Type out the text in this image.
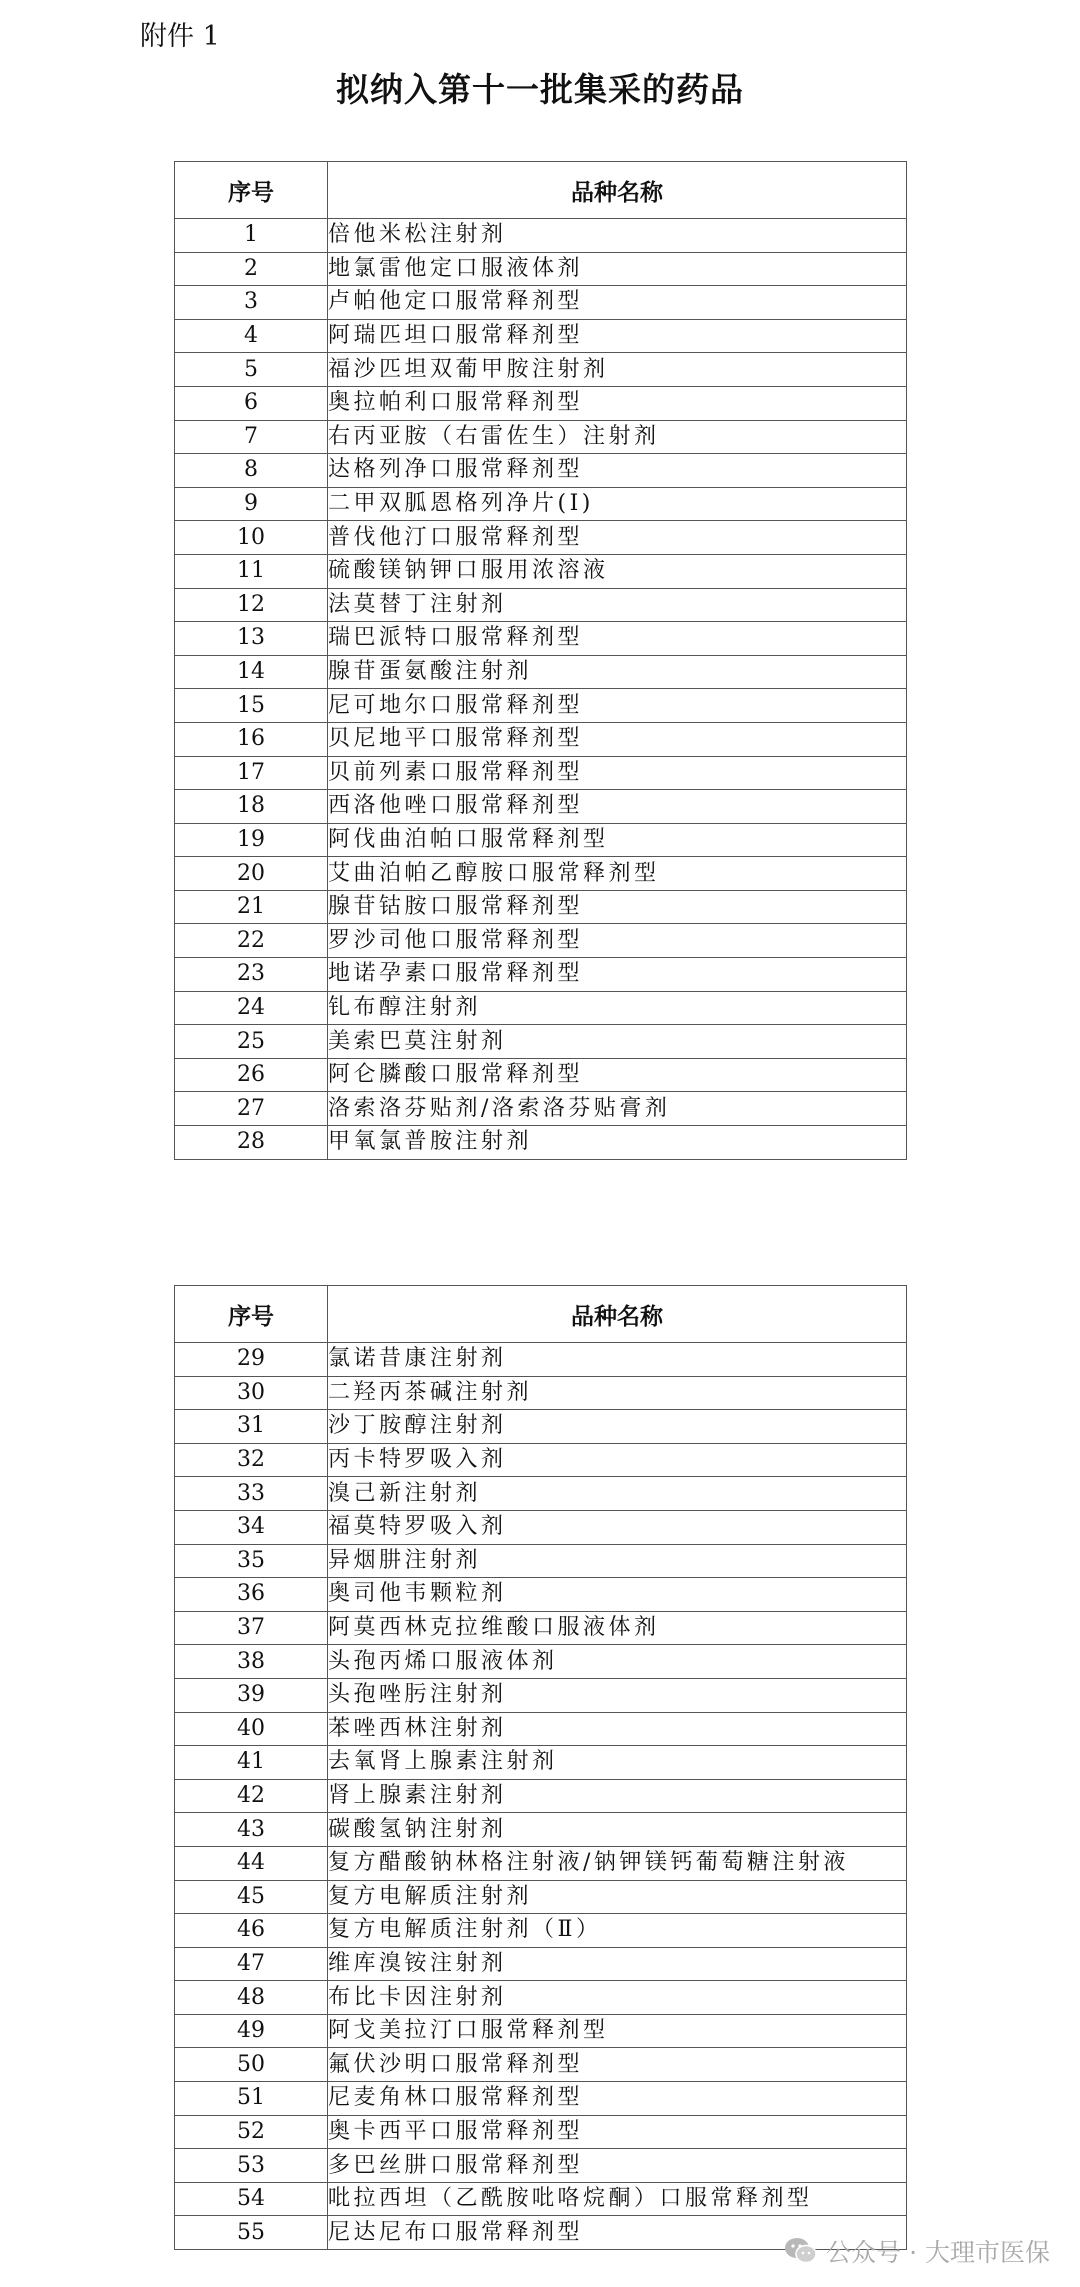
附件 1
拟纳入第十一批集采的药品
序号	品种名称
1	倍他米松注射剂
2	地氯雷他定口服液体剂
3	卢帕他定口服常释剂型
4	阿瑞匹坦口服常释剂型
5	福沙匹坦双葡甲胺注射剂
6	奥拉帕利口服常释剂型
7	右丙亚胺（右雷佐生）注射剂
8	达格列净口服常释剂型
9	二甲双胍恩格列净片(Ⅰ)
10	普伐他汀口服常释剂型
11	硫酸镁钠钾口服用浓溶液
12	法莫替丁注射剂
13	瑞巴派特口服常释剂型
14	腺苷蛋氨酸注射剂
15	尼可地尔口服常释剂型
16	贝尼地平口服常释剂型
17	贝前列素口服常释剂型
18	西洛他唑口服常释剂型
19	阿伐曲泊帕口服常释剂型
20	艾曲泊帕乙醇胺口服常释剂型
21	腺苷钴胺口服常释剂型
22	罗沙司他口服常释剂型
23	地诺孕素口服常释剂型
24	钆布醇注射剂
25	美索巴莫注射剂
26	阿仑膦酸口服常释剂型
27	洛索洛芬贴剂/洛索洛芬贴膏剂
28	甲氧氯普胺注射剂
序号	品种名称
29	氯诺昔康注射剂
30	二羟丙茶碱注射剂
31	沙丁胺醇注射剂
32	丙卡特罗吸入剂
33	溴己新注射剂
34	福莫特罗吸入剂
35	异烟肼注射剂
36	奥司他韦颗粒剂
37	阿莫西林克拉维酸口服液体剂
38	头孢丙烯口服液体剂
39	头孢唑肟注射剂
40	苯唑西林注射剂
41	去氧肾上腺素注射剂
42	肾上腺素注射剂
43	碳酸氢钠注射剂
44	复方醋酸钠林格注射液/钠钾镁钙葡萄糖注射液
45	复方电解质注射剂
46	复方电解质注射剂（Ⅱ）
47	维库溴铵注射剂
48	布比卡因注射剂
49	阿戈美拉汀口服常释剂型
50	氟伏沙明口服常释剂型
51	尼麦角林口服常释剂型
52	奥卡西平口服常释剂型
53	多巴丝肼口服常释剂型
54	吡拉西坦（乙酰胺吡咯烷酮）口服常释剂型
55	尼达尼布口服常释剂型
公众号 · 大理市医保
